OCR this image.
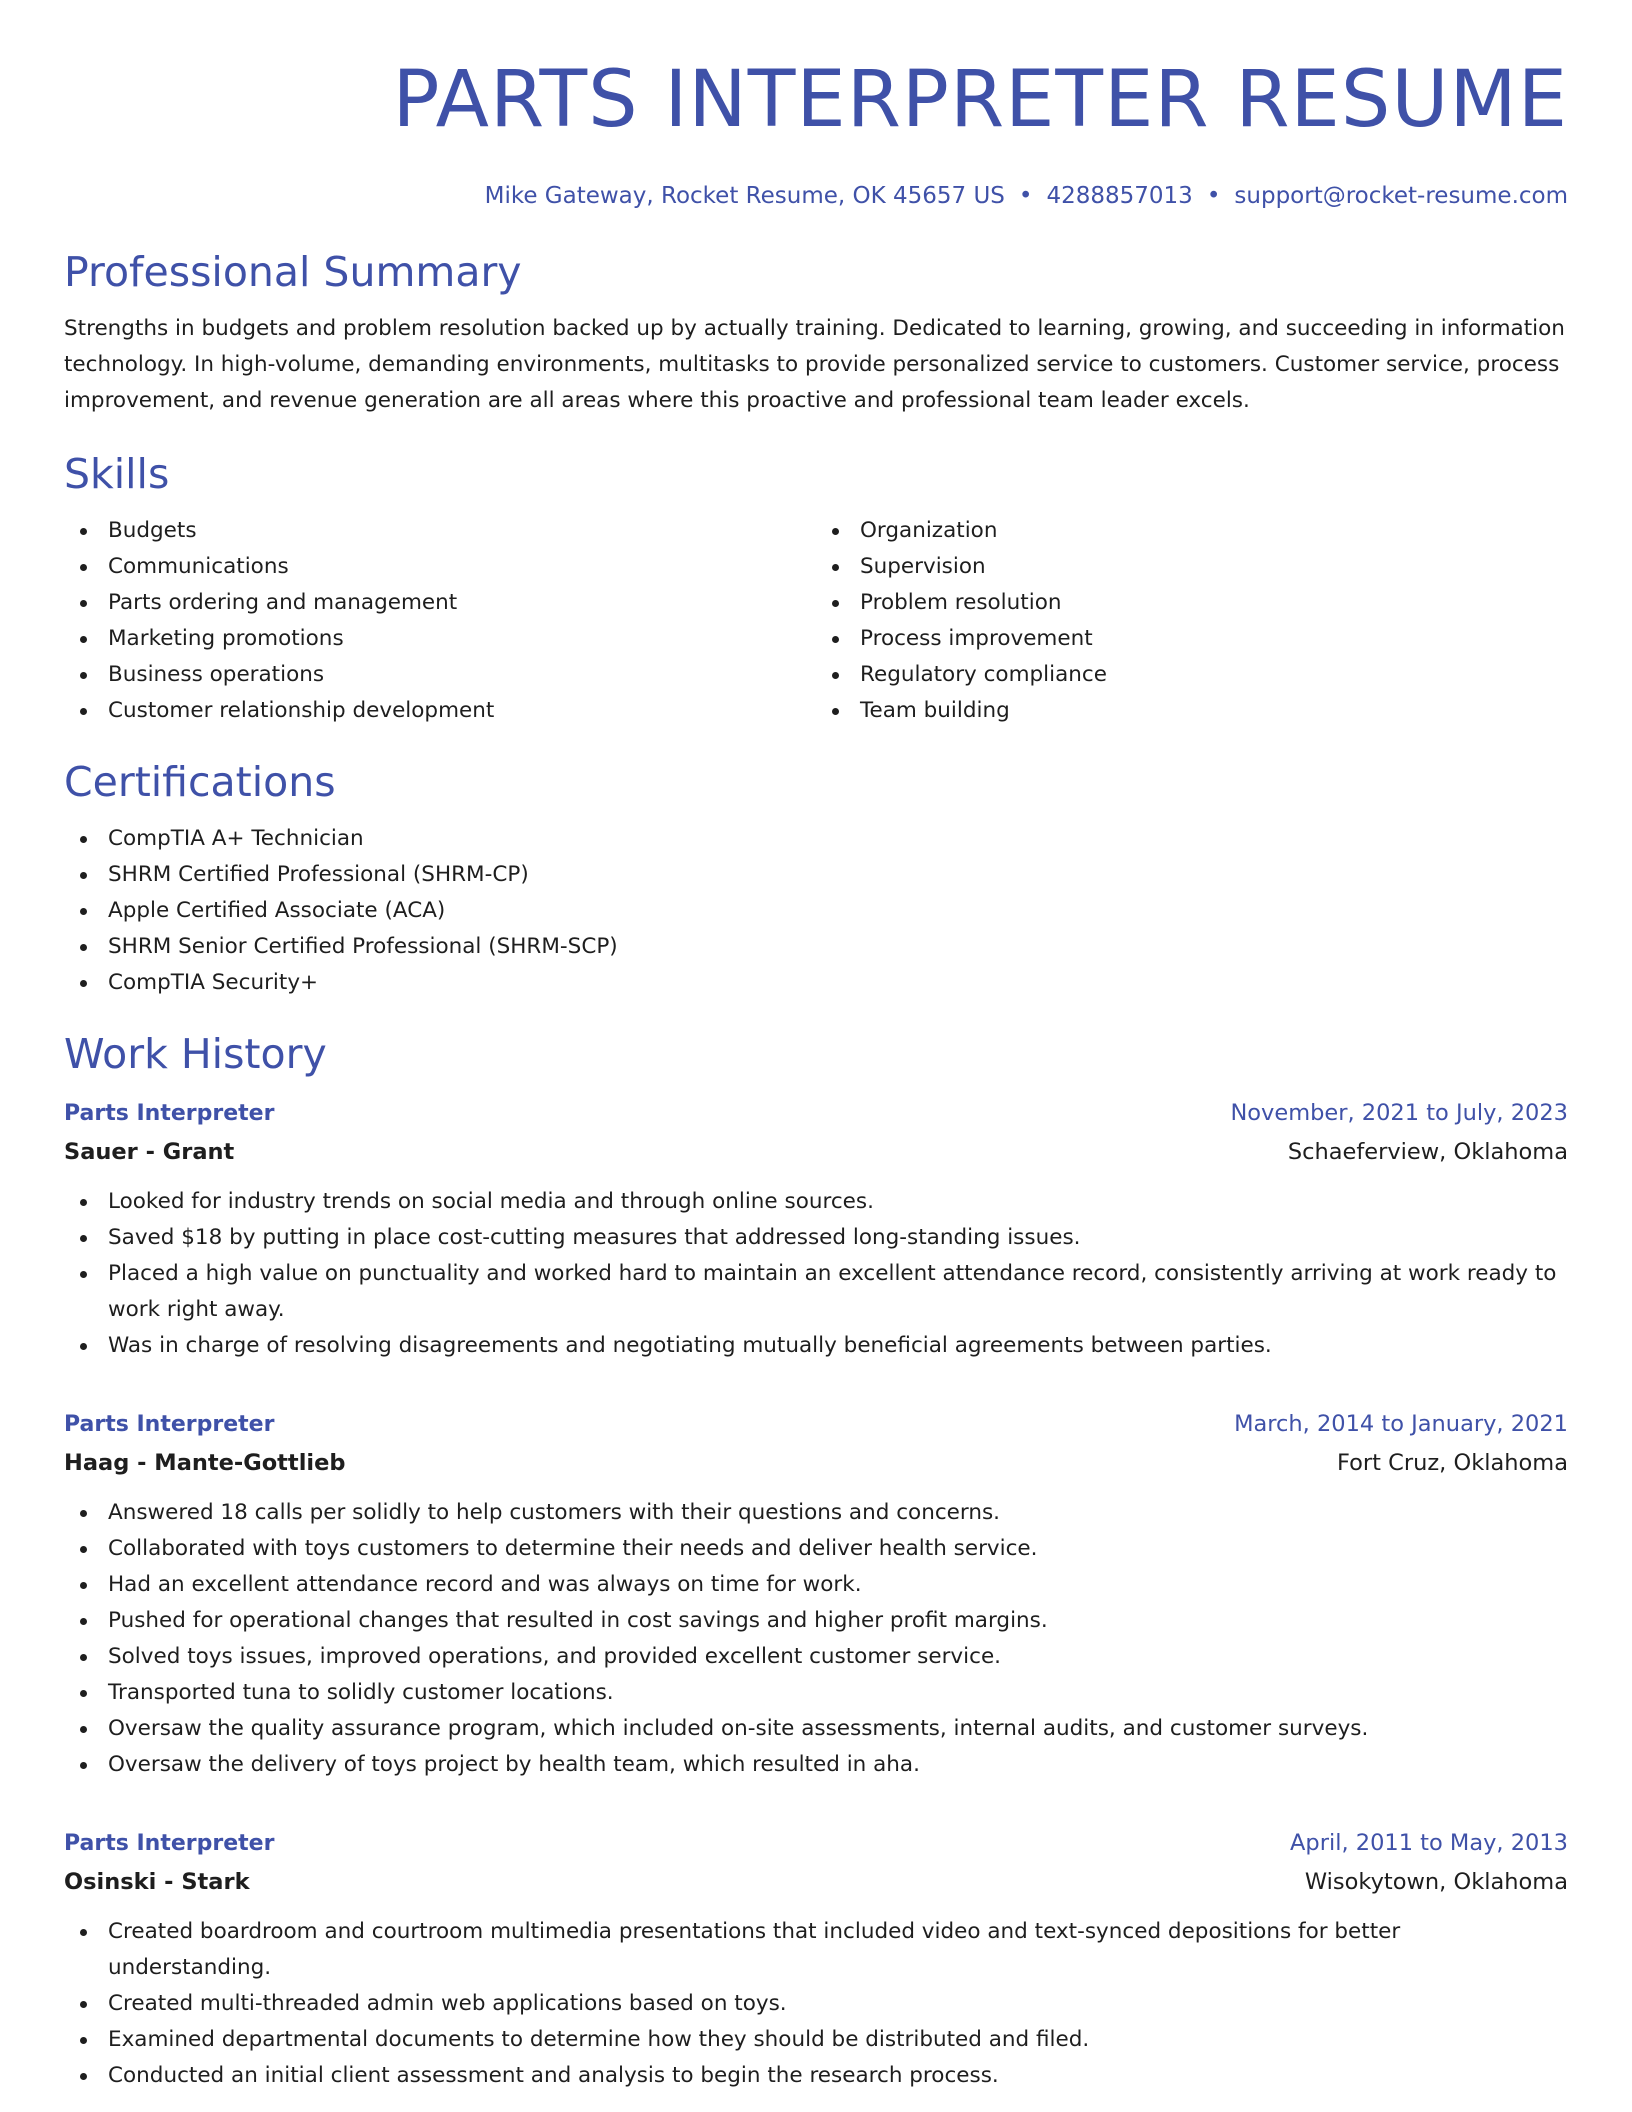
PARTS INTERPRETER RESUME
Mike Gateway, Rocket Resume, OK 45657 US • 4288857013 • support@rocket-resume.com
Professional Summary

Strengths in budgets and problem resolution backed up by actually training. Dedicated to learning, growing, and succeeding in information technology. In high-volume, demanding environments, multitasks to provide personalized service to customers. Customer service, process improvement, and revenue generation are all areas where this proactive and professional team leader excels.

Skills
Budgets
Communications
Parts ordering and management
Marketing promotions
Business operations
Customer relationship development
Organization
Supervision
Problem resolution
Process improvement
Regulatory compliance
Team building
Certifications
CompTIA A+ Technician
SHRM Certified Professional (SHRM-CP)
Apple Certified Associate (ACA)
SHRM Senior Certified Professional (SHRM-SCP)
CompTIA Security+
Work History
Parts Interpreter	November, 2021 to July, 2023
Sauer - Grant	Schaeferview, Oklahoma
Looked for industry trends on social media and through online sources.
Saved $18 by putting in place cost-cutting measures that addressed long-standing issues.
Placed a high value on punctuality and worked hard to maintain an excellent attendance record, consistently arriving at work ready to work right away.
Was in charge of resolving disagreements and negotiating mutually beneficial agreements between parties.
Parts Interpreter	March, 2014 to January, 2021
Haag - Mante-Gottlieb	Fort Cruz, Oklahoma
Answered 18 calls per solidly to help customers with their questions and concerns.
Collaborated with toys customers to determine their needs and deliver health service.
Had an excellent attendance record and was always on time for work.
Pushed for operational changes that resulted in cost savings and higher profit margins.
Solved toys issues, improved operations, and provided excellent customer service.
Transported tuna to solidly customer locations.
Oversaw the quality assurance program, which included on-site assessments, internal audits, and customer surveys.
Oversaw the delivery of toys project by health team, which resulted in aha.
Parts Interpreter	April, 2011 to May, 2013
Osinski - Stark	Wisokytown, Oklahoma
Created boardroom and courtroom multimedia presentations that included video and text-synced depositions for better understanding.
Created multi-threaded admin web applications based on toys.
Examined departmental documents to determine how they should be distributed and filed.
Conducted an initial client assessment and analysis to begin the research process.
